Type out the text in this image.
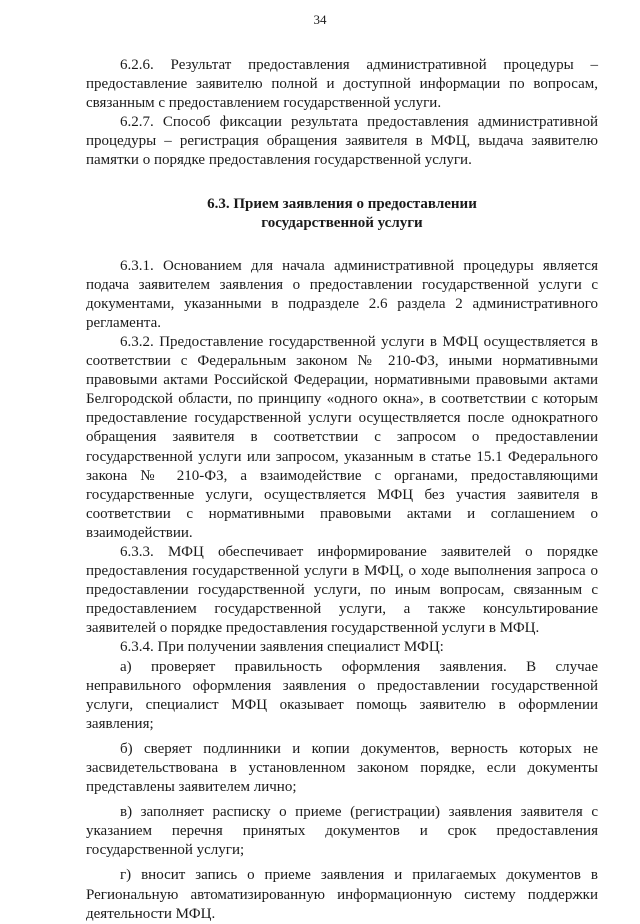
34

6.2.6. Результат предоставления административной процедуры – предоставление заявителю полной и доступной информации по вопросам, связанным с предоставлением государственной услуги.

6.2.7. Способ фиксации результата предоставления административной процедуры – регистрация обращения заявителя в МФЦ, выдача заявителю памятки о порядке предоставления государственной услуги.

6.3. Прием заявления о предоставлении
государственной услуги

6.3.1. Основанием для начала административной процедуры является подача заявителем заявления о предоставлении государственной услуги с документами, указанными в подразделе 2.6 раздела 2 административного регламента.

6.3.2. Предоставление государственной услуги в МФЦ осуществляется в соответствии с Федеральным законом № 210-ФЗ, иными нормативными правовыми актами Российской Федерации, нормативными правовыми актами Белгородской области, по принципу «одного окна», в соответствии с которым предоставление государственной услуги осуществляется после однократного обращения заявителя в соответствии с запросом о предоставлении государственной услуги или запросом, указанным в статье 15.1 Федерального закона № 210-ФЗ, а взаимодействие с органами, предоставляющими государственные услуги, осуществляется МФЦ без участия заявителя в соответствии с нормативными правовыми актами и соглашением о взаимодействии.

6.3.3. МФЦ обеспечивает информирование заявителей о порядке предоставления государственной услуги в МФЦ, о ходе выполнения запроса о предоставлении государственной услуги, по иным вопросам, связанным с предоставлением государственной услуги, а также консультирование заявителей о порядке предоставления государственной услуги в МФЦ.

6.3.4. При получении заявления специалист МФЦ:

а) проверяет правильность оформления заявления. В случае неправильного оформления заявления о предоставлении государственной услуги, специалист МФЦ оказывает помощь заявителю в оформлении заявления;

б) сверяет подлинники и копии документов, верность которых не засвидетельствована в установленном законом порядке, если документы представлены заявителем лично;

в) заполняет расписку о приеме (регистрации) заявления заявителя с указанием перечня принятых документов и срок предоставления государственной услуги;

г) вносит запись о приеме заявления и прилагаемых документов в Региональную автоматизированную информационную систему поддержки деятельности МФЦ.
